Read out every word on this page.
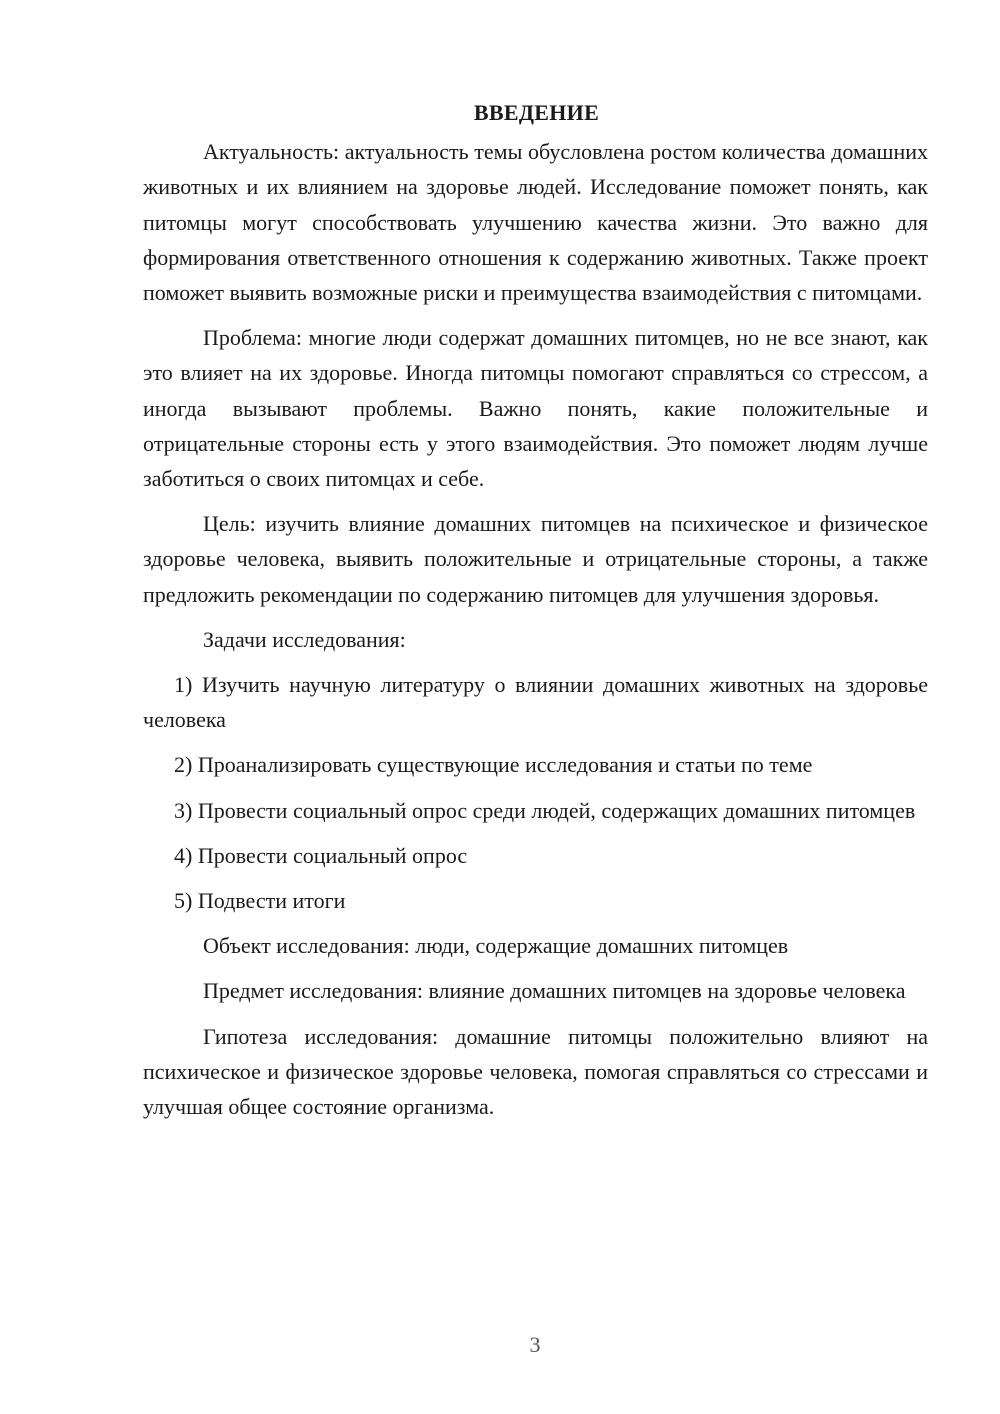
ВВЕДЕНИЕ

Актуальность: актуальность темы обусловлена ростом количества домашних животных и их влиянием на здоровье людей. Исследование поможет понять, как питомцы могут способствовать улучшению качества жизни. Это важно для формирования ответственного отношения к содержанию животных. Также проект поможет выявить возможные риски и преимущества взаимодействия с питомцами.

Проблема: многие люди содержат домашних питомцев, но не все знают, как это влияет на их здоровье. Иногда питомцы помогают справляться со стрессом, а иногда вызывают проблемы. Важно понять, какие положительные и отрицательные стороны есть у этого взаимодействия. Это поможет людям лучше заботиться о своих питомцах и себе.

Цель: изучить влияние домашних питомцев на психическое и физическое здоровье человека, выявить положительные и отрицательные стороны, а также предложить рекомендации по содержанию питомцев для улучшения здоровья.

Задачи исследования:

1) Изучить научную литературу о влиянии домашних животных на здоровье человека

2) Проанализировать существующие исследования и статьи по теме

3) Провести социальный опрос среди людей, содержащих домашних питомцев

4) Провести социальный опрос

5) Подвести итоги

Объект исследования: люди, содержащие домашних питомцев

Предмет исследования: влияние домашних питомцев на здоровье человека

Гипотеза исследования: домашние питомцы положительно влияют на психическое и физическое здоровье человека, помогая справляться со стрессами и улучшая общее состояние организма.

3
